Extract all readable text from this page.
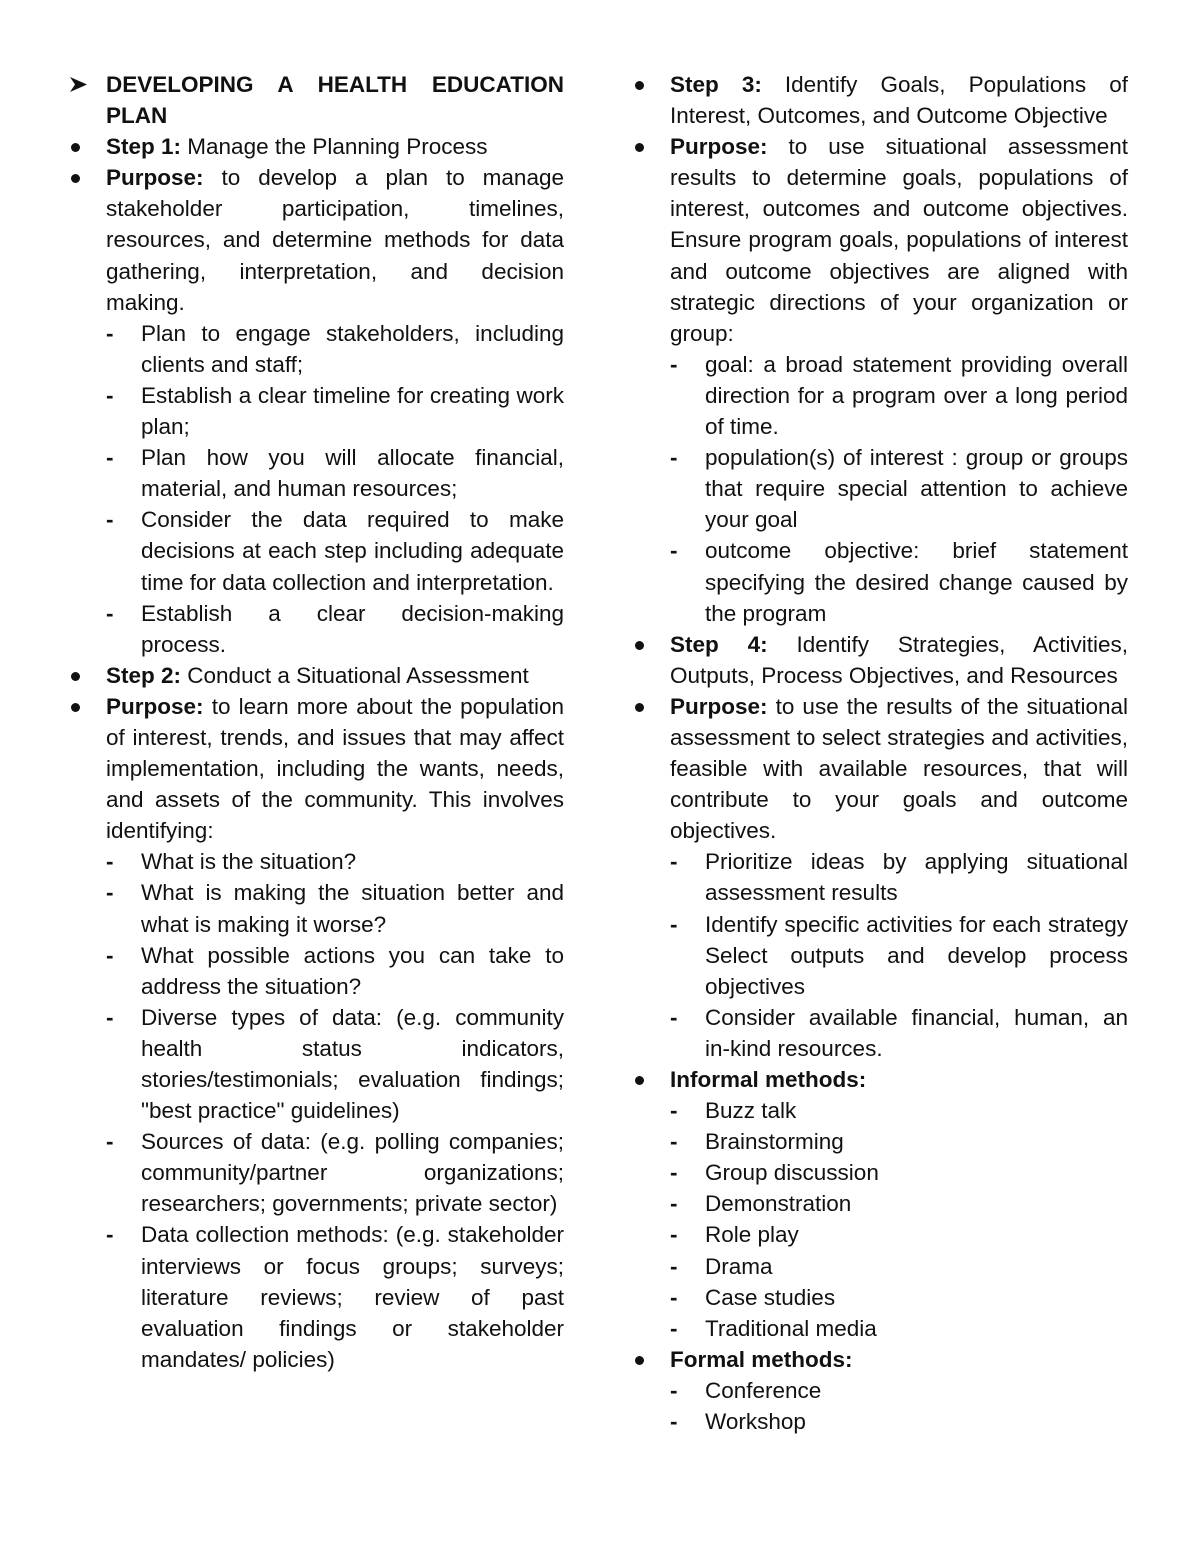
DEVELOPING A HEALTH EDUCATION PLAN
Step 1: Manage the Planning Process
Purpose: to develop a plan to manage stakeholder participation, timelines, resources, and determine methods for data gathering, interpretation, and decision making.
- Plan to engage stakeholders, including clients and staff;
- Establish a clear timeline for creating work plan;
- Plan how you will allocate financial, material, and human resources;
- Consider the data required to make decisions at each step including adequate time for data collection and interpretation.
- Establish a clear decision-making process.
Step 2: Conduct a Situational Assessment
Purpose: to learn more about the population of interest, trends, and issues that may affect implementation, including the wants, needs, and assets of the community. This involves identifying:
- What is the situation?
- What is making the situation better and what is making it worse?
- What possible actions you can take to address the situation?
- Diverse types of data: (e.g. community health status indicators, stories/testimonials; evaluation findings; "best practice" guidelines)
- Sources of data: (e.g. polling companies; community/partner organizations; researchers; governments; private sector)
- Data collection methods: (e.g. stakeholder interviews or focus groups; surveys; literature reviews; review of past evaluation findings or stakeholder mandates/ policies)
Step 3: Identify Goals, Populations of Interest, Outcomes, and Outcome Objective
Purpose: to use situational assessment results to determine goals, populations of interest, outcomes and outcome objectives. Ensure program goals, populations of interest and outcome objectives are aligned with strategic directions of your organization or group:
- goal: a broad statement providing overall direction for a program over a long period of time.
- population(s) of interest : group or groups that require special attention to achieve your goal
- outcome objective: brief statement specifying the desired change caused by the program
Step 4: Identify Strategies, Activities, Outputs, Process Objectives, and Resources
Purpose: to use the results of the situational assessment to select strategies and activities, feasible with available resources, that will contribute to your goals and outcome objectives.
- Prioritize ideas by applying situational assessment results
- Identify specific activities for each strategy Select outputs and develop process objectives
- Consider available financial, human, an in-kind resources.
Informal methods:
- Buzz talk
- Brainstorming
- Group discussion
- Demonstration
- Role play
- Drama
- Case studies
- Traditional media
Formal methods:
- Conference
- Workshop
